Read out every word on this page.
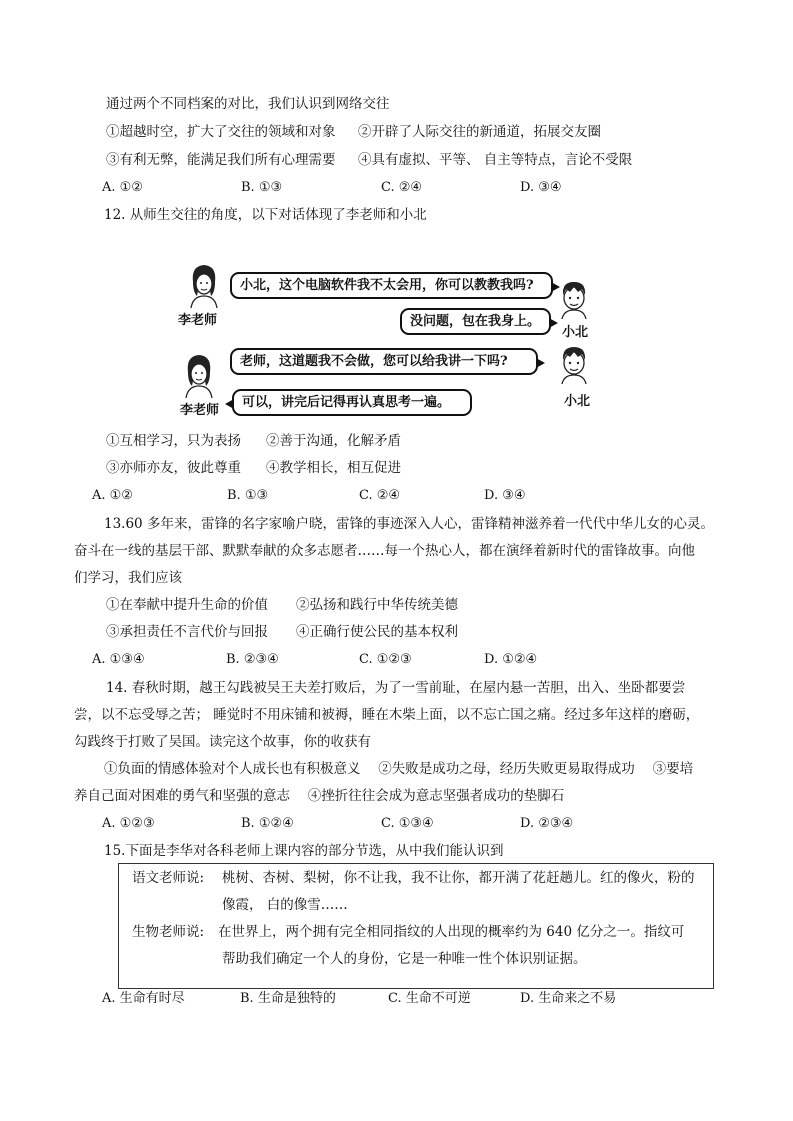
通过两个不同档案的对比，我们认识到网络交往
①超越时空，扩大了交往的领域和对象 ②开辟了人际交往的新通道，拓展交友圈
③有利无弊，能满足我们所有心理需要 ④具有虚拟、平等、 自主等特点，言论不受限
A. ①②	B. ①③	C. ②④	D. ③④
12. 从师生交往的角度，以下对话体现了李老师和小北
李老师
小北，这个电脑软件我不太会用，你可以教教我吗?
小北
没问题，包在我身上。
老师，这道题我不会做，您可以给我讲一下吗?
李老师
可以，讲完后记得再认真思考一遍。	小北
①互相学习，只为表扬 ②善于沟通，化解矛盾
③亦师亦友，彼此尊重 ④教学相长，相互促进
A. ①②	B. ①③	C. ②④	D. ③④
13.60 多年来，雷锋的名字家喻户晓，雷锋的事迹深入人心，雷锋精神滋养着一代代中华儿女的心灵。
奋斗在一线的基层干部、默默奉献的众多志愿者……每一个热心人，都在演绎着新时代的雷锋故事。向他
们学习，我们应该
①在奉献中提升生命的价值 ②弘扬和践行中华传统美德
③承担责任不言代价与回报 ④正确行使公民的基本权利
A. ①③④	B. ②③④	C. ①②③	D. ①②④
14. 春秋时期，越王勾践被吴王夫差打败后，为了一雪前耻，在屋内悬一苦胆，出入、坐卧都要尝
尝，以不忘受辱之苦； 睡觉时不用床铺和被褥，睡在木柴上面，以不忘亡国之痛。经过多年这样的磨砺，
勾践终于打败了吴国。读完这个故事，你的收获有
①负面的情感体验对个人成长也有积极意义　 ②失败是成功之母，经历失败更易取得成功　 ③要培
养自己面对困难的勇气和坚强的意志　 ④挫折往往会成为意志坚强者成功的垫脚石
A. ①②③	B. ①②④	C. ①③④	D. ②③④
15.下面是李华对各科老师上课内容的部分节选，从中我们能认识到
语文老师说: 桃树、杏树、梨树，你不让我，我不让你，都开满了花赶趟儿。红的像火，粉的
像霞， 白的像雪……
生物老师说: 在世界上，两个拥有完全相同指纹的人出现的概率约为 640 亿分之一。指纹可
帮助我们确定一个人的身份，它是一种唯一性个体识别证据。
A. 生命有时尽	B. 生命是独特的	C. 生命不可逆	D. 生命来之不易
